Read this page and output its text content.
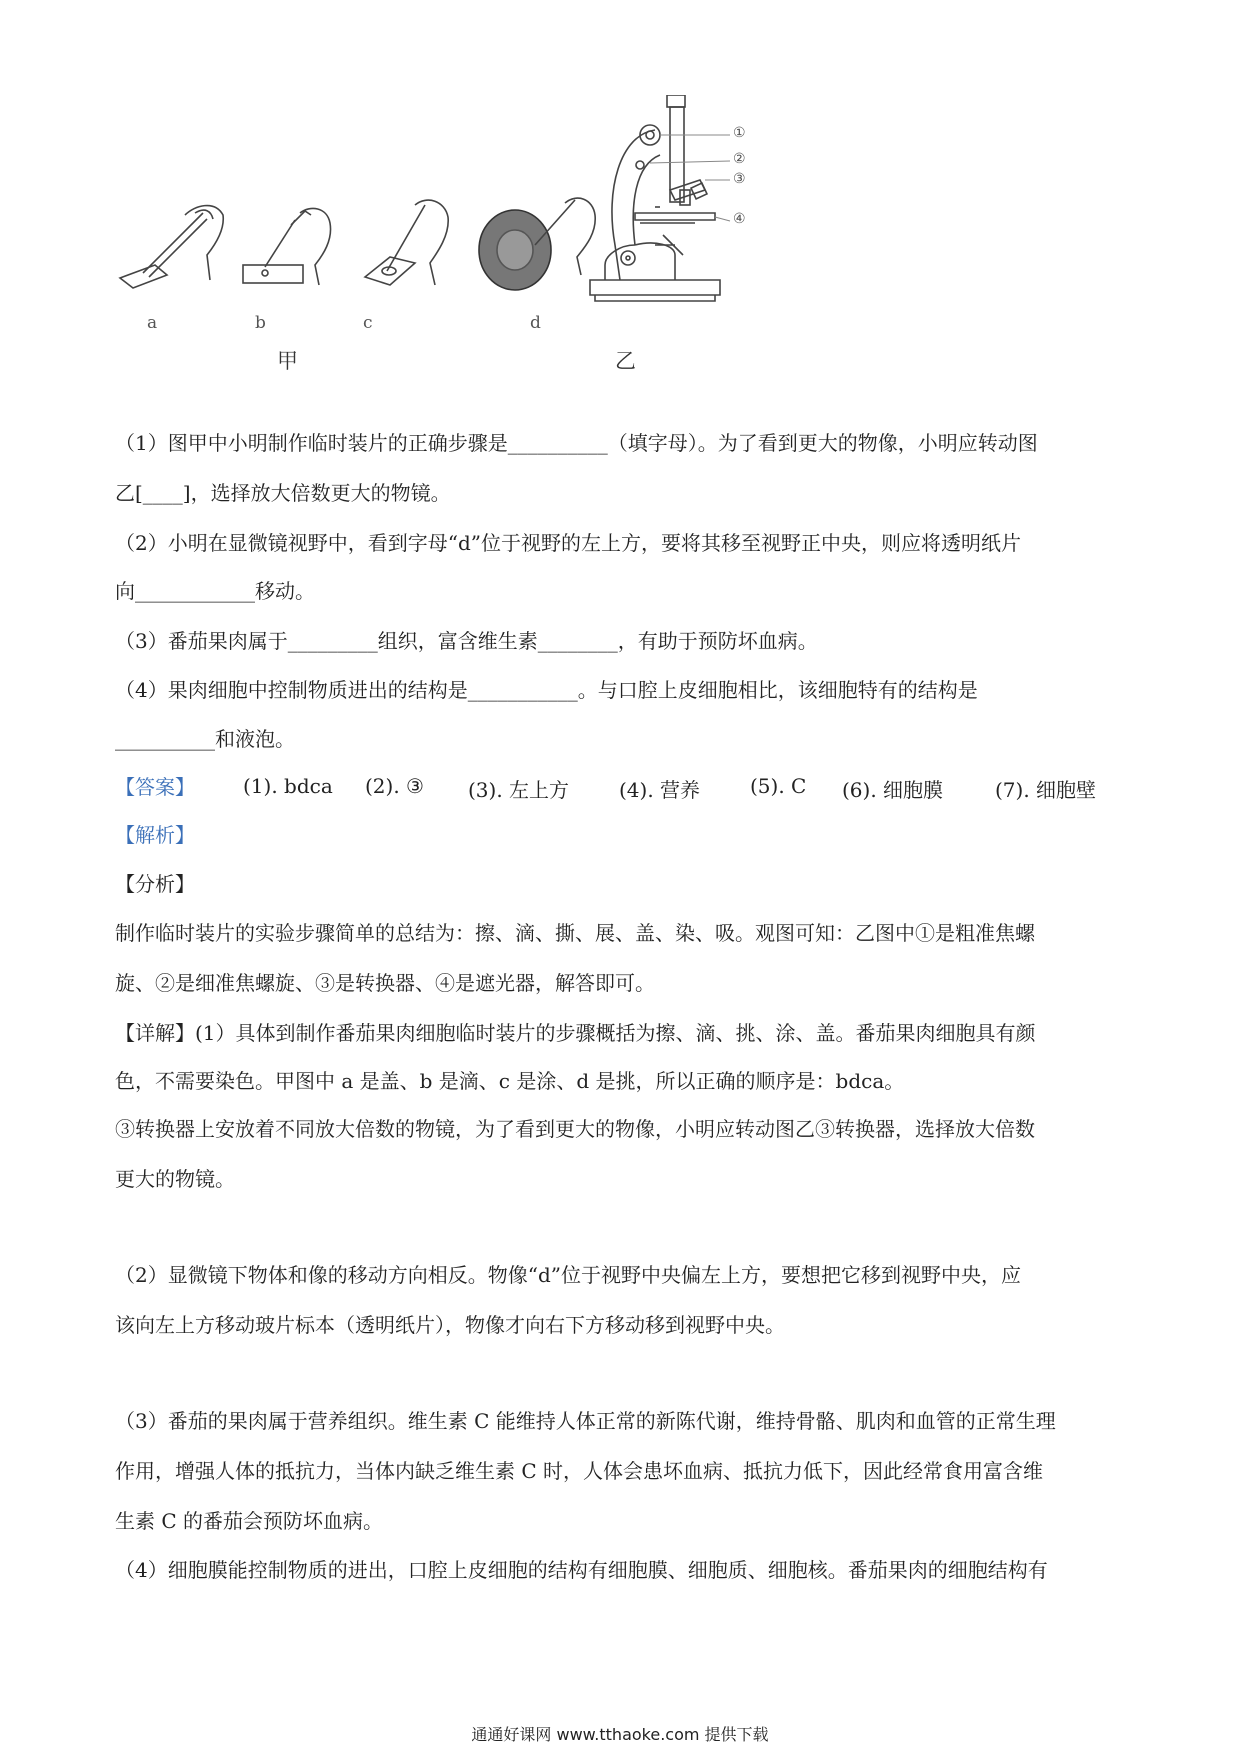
①
②
③
④
a	b	c	d
甲	乙
（1）图甲中小明制作临时装片的正确步骤是__________（填字母）。为了看到更大的物像，小明应转动图
乙[____]，选择放大倍数更大的物镜。
（2）小明在显微镜视野中，看到字母“d”位于视野的左上方，要将其移至视野正中央，则应将透明纸片
向____________移动。
（3）番茄果肉属于_________组织，富含维生素________，有助于预防坏血病。
（4）果肉细胞中控制物质进出的结构是___________。与口腔上皮细胞相比，该细胞特有的结构是
__________和液泡。
【答案】	(1). bdca (2). ③ (3). 左上方 (4). 营养 (5). C (6). 细胞膜	(7). 细胞壁
【解析】
【分析】
制作临时装片的实验步骤简单的总结为：擦、滴、撕、展、盖、染、吸。观图可知：乙图中①是粗准焦螺
旋、②是细准焦螺旋、③是转换器、④是遮光器，解答即可。
【详解】(1）具体到制作番茄果肉细胞临时装片的步骤概括为擦、滴、挑、涂、盖。番茄果肉细胞具有颜
色，不需要染色。甲图中 a 是盖、b 是滴、c 是涂、d 是挑，所以正确的顺序是：bdca。
③转换器上安放着不同放大倍数的物镜，为了看到更大的物像，小明应转动图乙③转换器，选择放大倍数
更大的物镜。
（2）显微镜下物体和像的移动方向相反。物像“d”位于视野中央偏左上方，要想把它移到视野中央，应
该向左上方移动玻片标本（透明纸片），物像才向右下方移动移到视野中央。
（3）番茄的果肉属于营养组织。维生素 C 能维持人体正常的新陈代谢，维持骨骼、肌肉和血管的正常生理
作用，增强人体的抵抗力，当体内缺乏维生素 C 时，人体会患坏血病、抵抗力低下，因此经常食用富含维
生素 C 的番茄会预防坏血病。
（4）细胞膜能控制物质的进出，口腔上皮细胞的结构有细胞膜、细胞质、细胞核。番茄果肉的细胞结构有
通通好课网 www.tthaoke.com 提供下载
